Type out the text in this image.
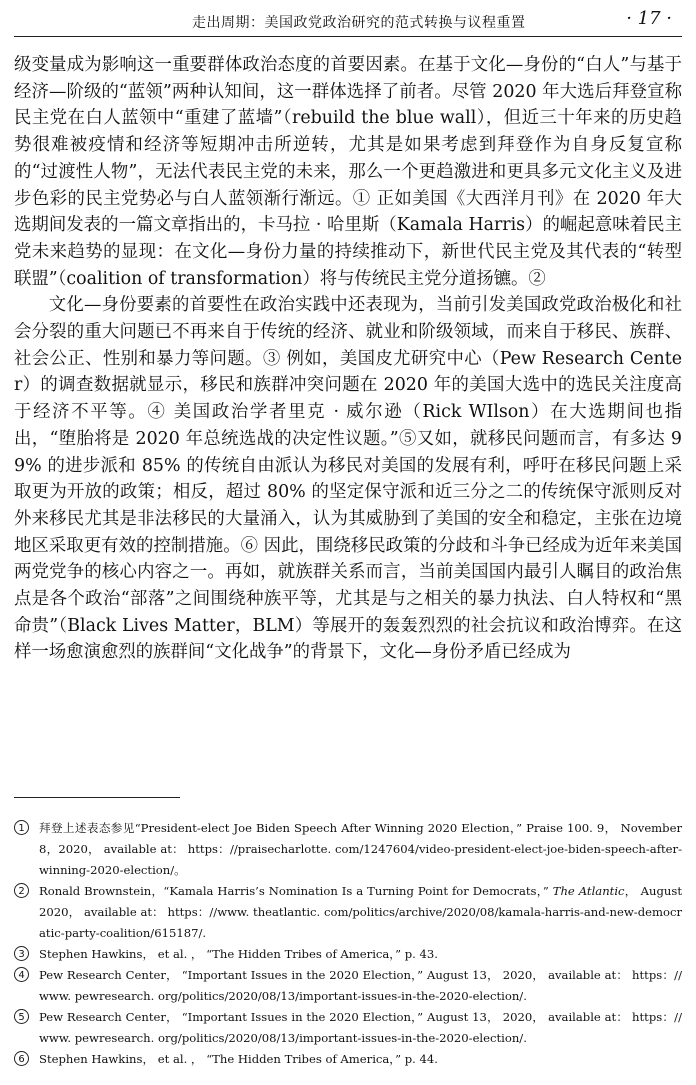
走出周期：美国政党政治研究的范式转换与议程重置	· 17 ·

级变量成为影响这一重要群体政治态度的首要因素。在基于文化—身份的“白人”与基于经济—阶级的“蓝领”两种认知间，这一群体选择了前者。尽管 2020 年大选后拜登宣称民主党在白人蓝领中“重建了蓝墙”（rebuild the blue wall），但近三十年来的历史趋势很难被疫情和经济等短期冲击所逆转，尤其是如果考虑到拜登作为自身反复宣称的“过渡性人物”，无法代表民主党的未来，那么一个更趋激进和更具多元文化主义及进步色彩的民主党势必与白人蓝领渐行渐远。① 正如美国《大西洋月刊》在 2020 年大选期间发表的一篇文章指出的，卡马拉 · 哈里斯（Kamala Harris）的崛起意味着民主党未来趋势的显现：在文化—身份力量的持续推动下，新世代民主党及其代表的“转型联盟”（coalition of transformation）将与传统民主党分道扬镳。②

文化—身份要素的首要性在政治实践中还表现为，当前引发美国政党政治极化和社会分裂的重大问题已不再来自于传统的经济、就业和阶级领域，而来自于移民、族群、社会公正、性别和暴力等问题。③ 例如，美国皮尤研究中心（Pew Research Center）的调查数据就显示，移民和族群冲突问题在 2020 年的美国大选中的选民关注度高于经济不平等。④ 美国政治学者里克 · 威尔逊（Rick WIlson）在大选期间也指出，“堕胎将是 2020 年总统选战的决定性议题。”⑤又如，就移民问题而言，有多达 99% 的进步派和 85% 的传统自由派认为移民对美国的发展有利，呼吁在移民问题上采取更为开放的政策；相反，超过 80% 的坚定保守派和近三分之二的传统保守派则反对外来移民尤其是非法移民的大量涌入，认为其威胁到了美国的安全和稳定，主张在边境地区采取更有效的控制措施。⑥ 因此，围绕移民政策的分歧和斗争已经成为近年来美国两党党争的核心内容之一。再如，就族群关系而言，当前美国国内最引人瞩目的政治焦点是各个政治“部落”之间围绕种族平等，尤其是与之相关的暴力执法、白人特权和“黑命贵”（Black Lives Matter，BLM）等展开的轰轰烈烈的社会抗议和政治博弈。在这样一场愈演愈烈的族群间“文化战争”的背景下，文化—身份矛盾已经成为

1	拜登上述表态参见“President-elect Joe Biden Speech After Winning 2020 Election，” Praise 100. 9， November 8，2020， available at： https：//praisecharlotte. com/1247604/video-president-elect-joe-biden-speech-after-winning-2020-election/。
2	Ronald Brownstein，“Kamala Harris’s Nomination Is a Turning Point for Democrats，” The Atlantic， August 2020， available at： https：//www. theatlantic. com/politics/archive/2020/08/kamala-harris-and-new-democratic-party-coalition/615187/.
3	Stephen Hawkins， et al. ， “The Hidden Tribes of America，” p. 43.
4	Pew Research Center， “Important Issues in the 2020 Election，” August 13， 2020， available at： https：//www. pewresearch. org/politics/2020/08/13/important-issues-in-the-2020-election/.
5	Pew Research Center， “Important Issues in the 2020 Election，” August 13， 2020， available at： https：//www. pewresearch. org/politics/2020/08/13/important-issues-in-the-2020-election/.
6	Stephen Hawkins， et al. ， “The Hidden Tribes of America，” p. 44.
